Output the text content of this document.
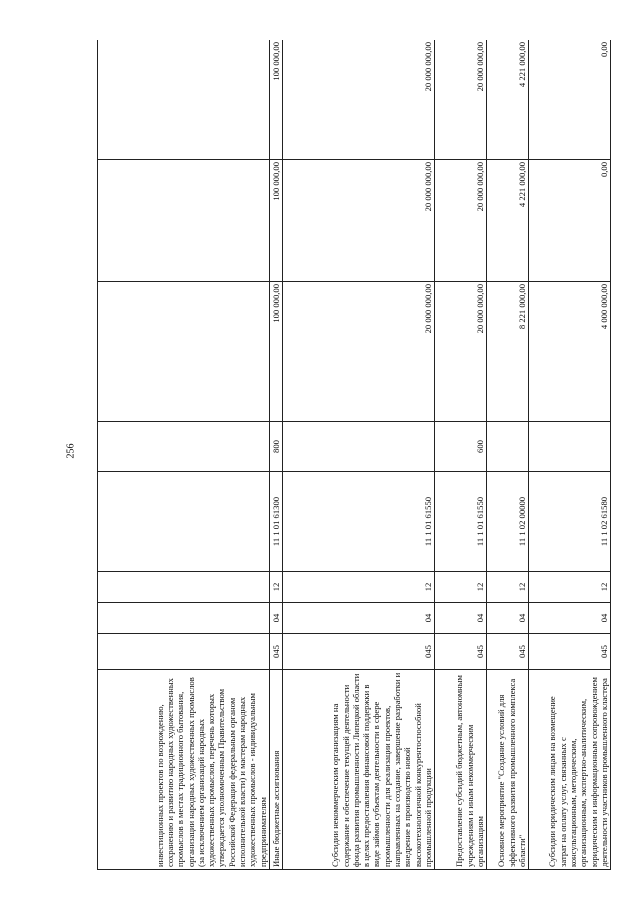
256
инвестиционных проектов по возрождению, сохранению и развитию народных художественных промыслов в местах традиционного бытования, организации народных художественных промыслов (за исключением организаций народных художественных промыслов, перечень которых утверждается уполномоченным Правительством Российской Федерации федеральным органом исполнительной власти) и мастерам народных художественных промыслов - индивидуальным предпринимателям								
Иные бюджетные ассигнования	045	04	12	11 1 01 61300	800	100 000,00	100 000,00	100 000,00
Субсидии некоммерческим организациям на содержание и обеспечение текущей деятельности фонда развития промышленности Липецкой области в целях предоставления финансовой поддержки в виде займов субъектам деятельности в сфере промышленности для реализации проектов, направленных на создание, завершение разработки и внедрение в производство новой высокотехнологичной конкурентоспособной промышленной продукции	045	04	12	11 1 01 61550		20 000 000,00	20 000 000,00	20 000 000,00
Предоставление субсидий бюджетным, автономным учреждениям и иным некоммерческим организациям	045	04	12	11 1 01 61550	600	20 000 000,00	20 000 000,00	20 000 000,00
Основное мероприятие "Создание условий для эффективного развития промышленного комплекса области"	045	04	12	11 1 02 00000		8 221 000,00	4 221 000,00	4 221 000,00
Субсидии юридическим лицам на возмещение затрат на оплату услуг, связанных с консультационным, методическим, организационным, экспертно-аналитическим, юридическим и информационным сопровождением деятельности участников промышленного кластера	045	04	12	11 1 02 61580		4 000 000,00	0,00	0,00
